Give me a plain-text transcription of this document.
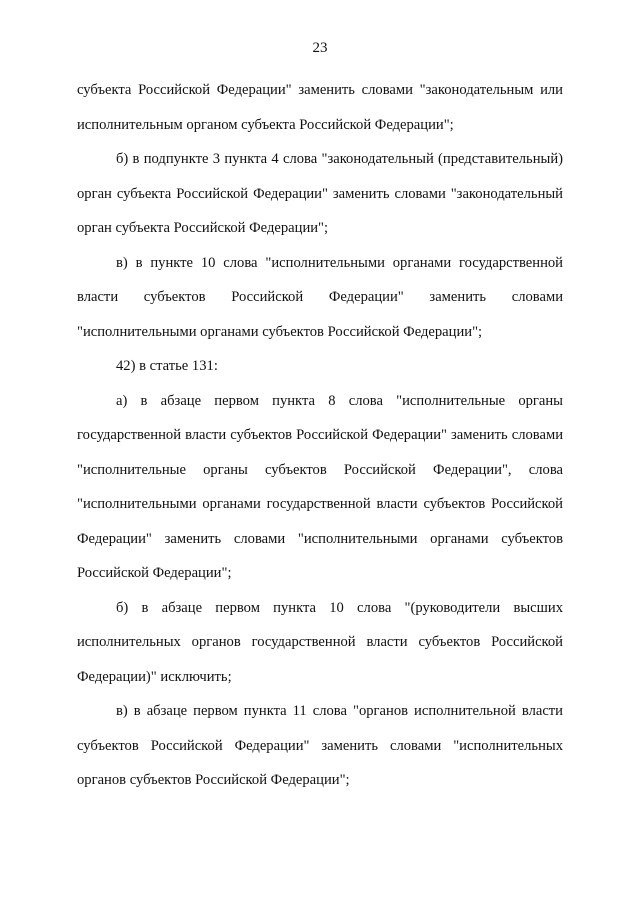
23

субъекта Российской Федерации" заменить словами "законодательным или исполнительным органом субъекта Российской Федерации";

б) в подпункте 3 пункта 4 слова "законодательный (представительный) орган субъекта Российской Федерации" заменить словами "законодательный орган субъекта Российской Федерации";

в) в пункте 10 слова "исполнительными органами государственной власти субъектов Российской Федерации" заменить словами "исполнительными органами субъектов Российской Федерации";

42) в статье 131:

а) в абзаце первом пункта 8 слова "исполнительные органы государственной власти субъектов Российской Федерации" заменить словами "исполнительные органы субъектов Российской Федерации", слова "исполнительными органами государственной власти субъектов Российской Федерации" заменить словами "исполнительными органами субъектов Российской Федерации";

б) в абзаце первом пункта 10 слова "(руководители высших исполнительных органов государственной власти субъектов Российской Федерации)" исключить;

в) в абзаце первом пункта 11 слова "органов исполнительной власти субъектов Российской Федерации" заменить словами "исполнительных органов субъектов Российской Федерации";
